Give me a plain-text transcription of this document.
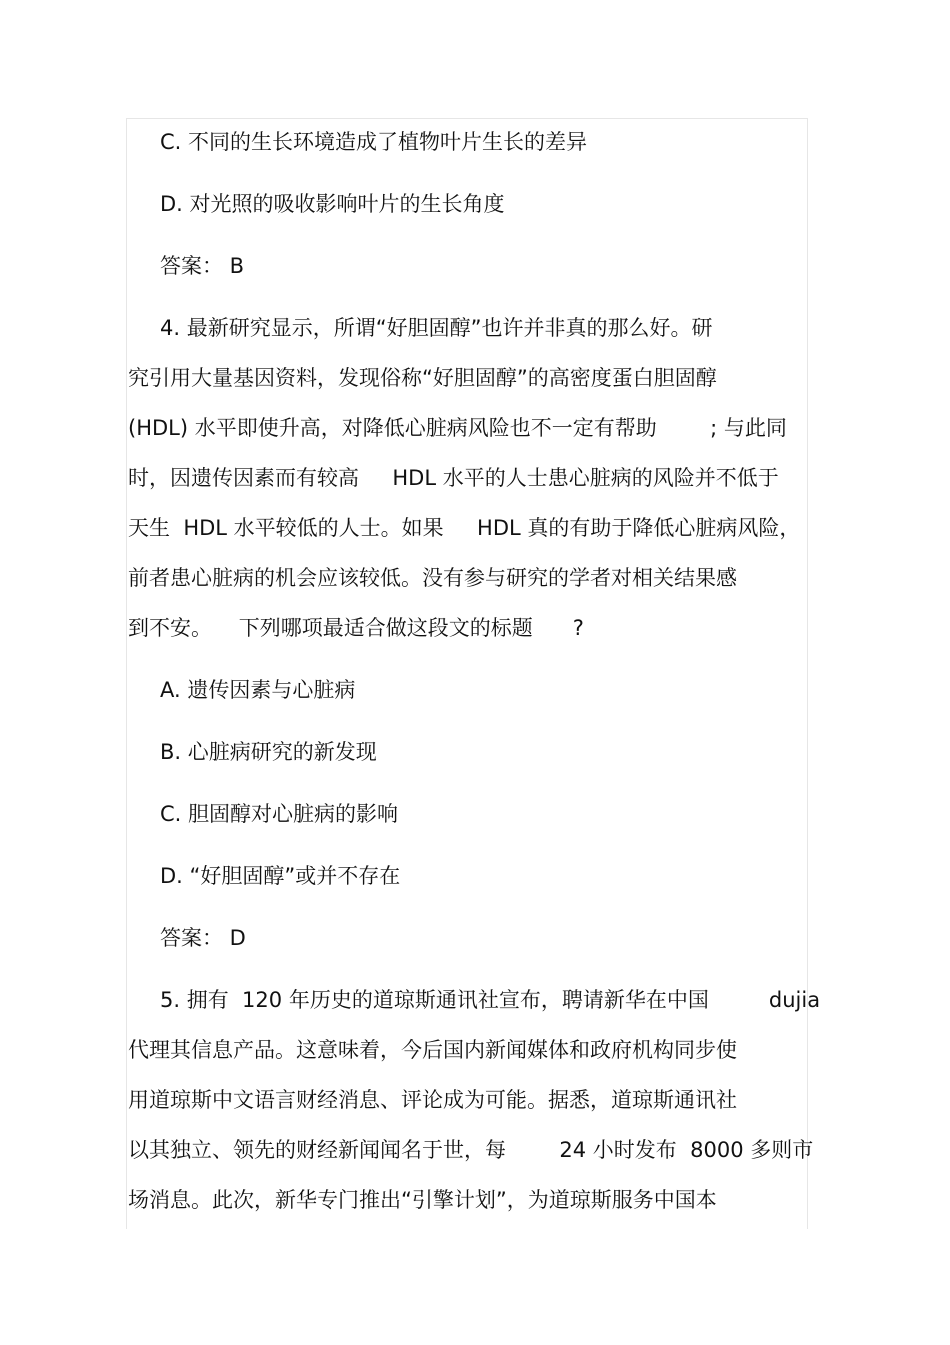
C. 不同的生长环境造成了植物叶片生长的差异
D. 对光照的吸收影响叶片的生长角度
答案： B
4. 最新研究显示，所谓“好胆固醇”也许并非真的那么好。研
究引用大量基因资料，发现俗称“好胆固醇”的高密度蛋白胆固醇
(HDL) 水平即使升高，对降低心脏病风险也不一定有帮助        ; 与此同
时，因遗传因素而有较高     HDL 水平的人士患心脏病的风险并不低于
天生  HDL 水平较低的人士。如果     HDL 真的有助于降低心脏病风险，
前者患心脏病的机会应该较低。没有参与研究的学者对相关结果感
到不安。    下列哪项最适合做这段文的标题      ?
A. 遗传因素与心脏病
B. 心脏病研究的新发现
C. 胆固醇对心脏病的影响
D. “好胆固醇”或并不存在
答案： D
5. 拥有  120 年历史的道琼斯通讯社宣布，聘请新华在中国         dujia
代理其信息产品。这意味着，今后国内新闻媒体和政府机构同步使
用道琼斯中文语言财经消息、评论成为可能。据悉，道琼斯通讯社
以其独立、领先的财经新闻闻名于世，每        24 小时发布  8000 多则市
场消息。此次，新华专门推出“引擎计划”，为道琼斯服务中国本
